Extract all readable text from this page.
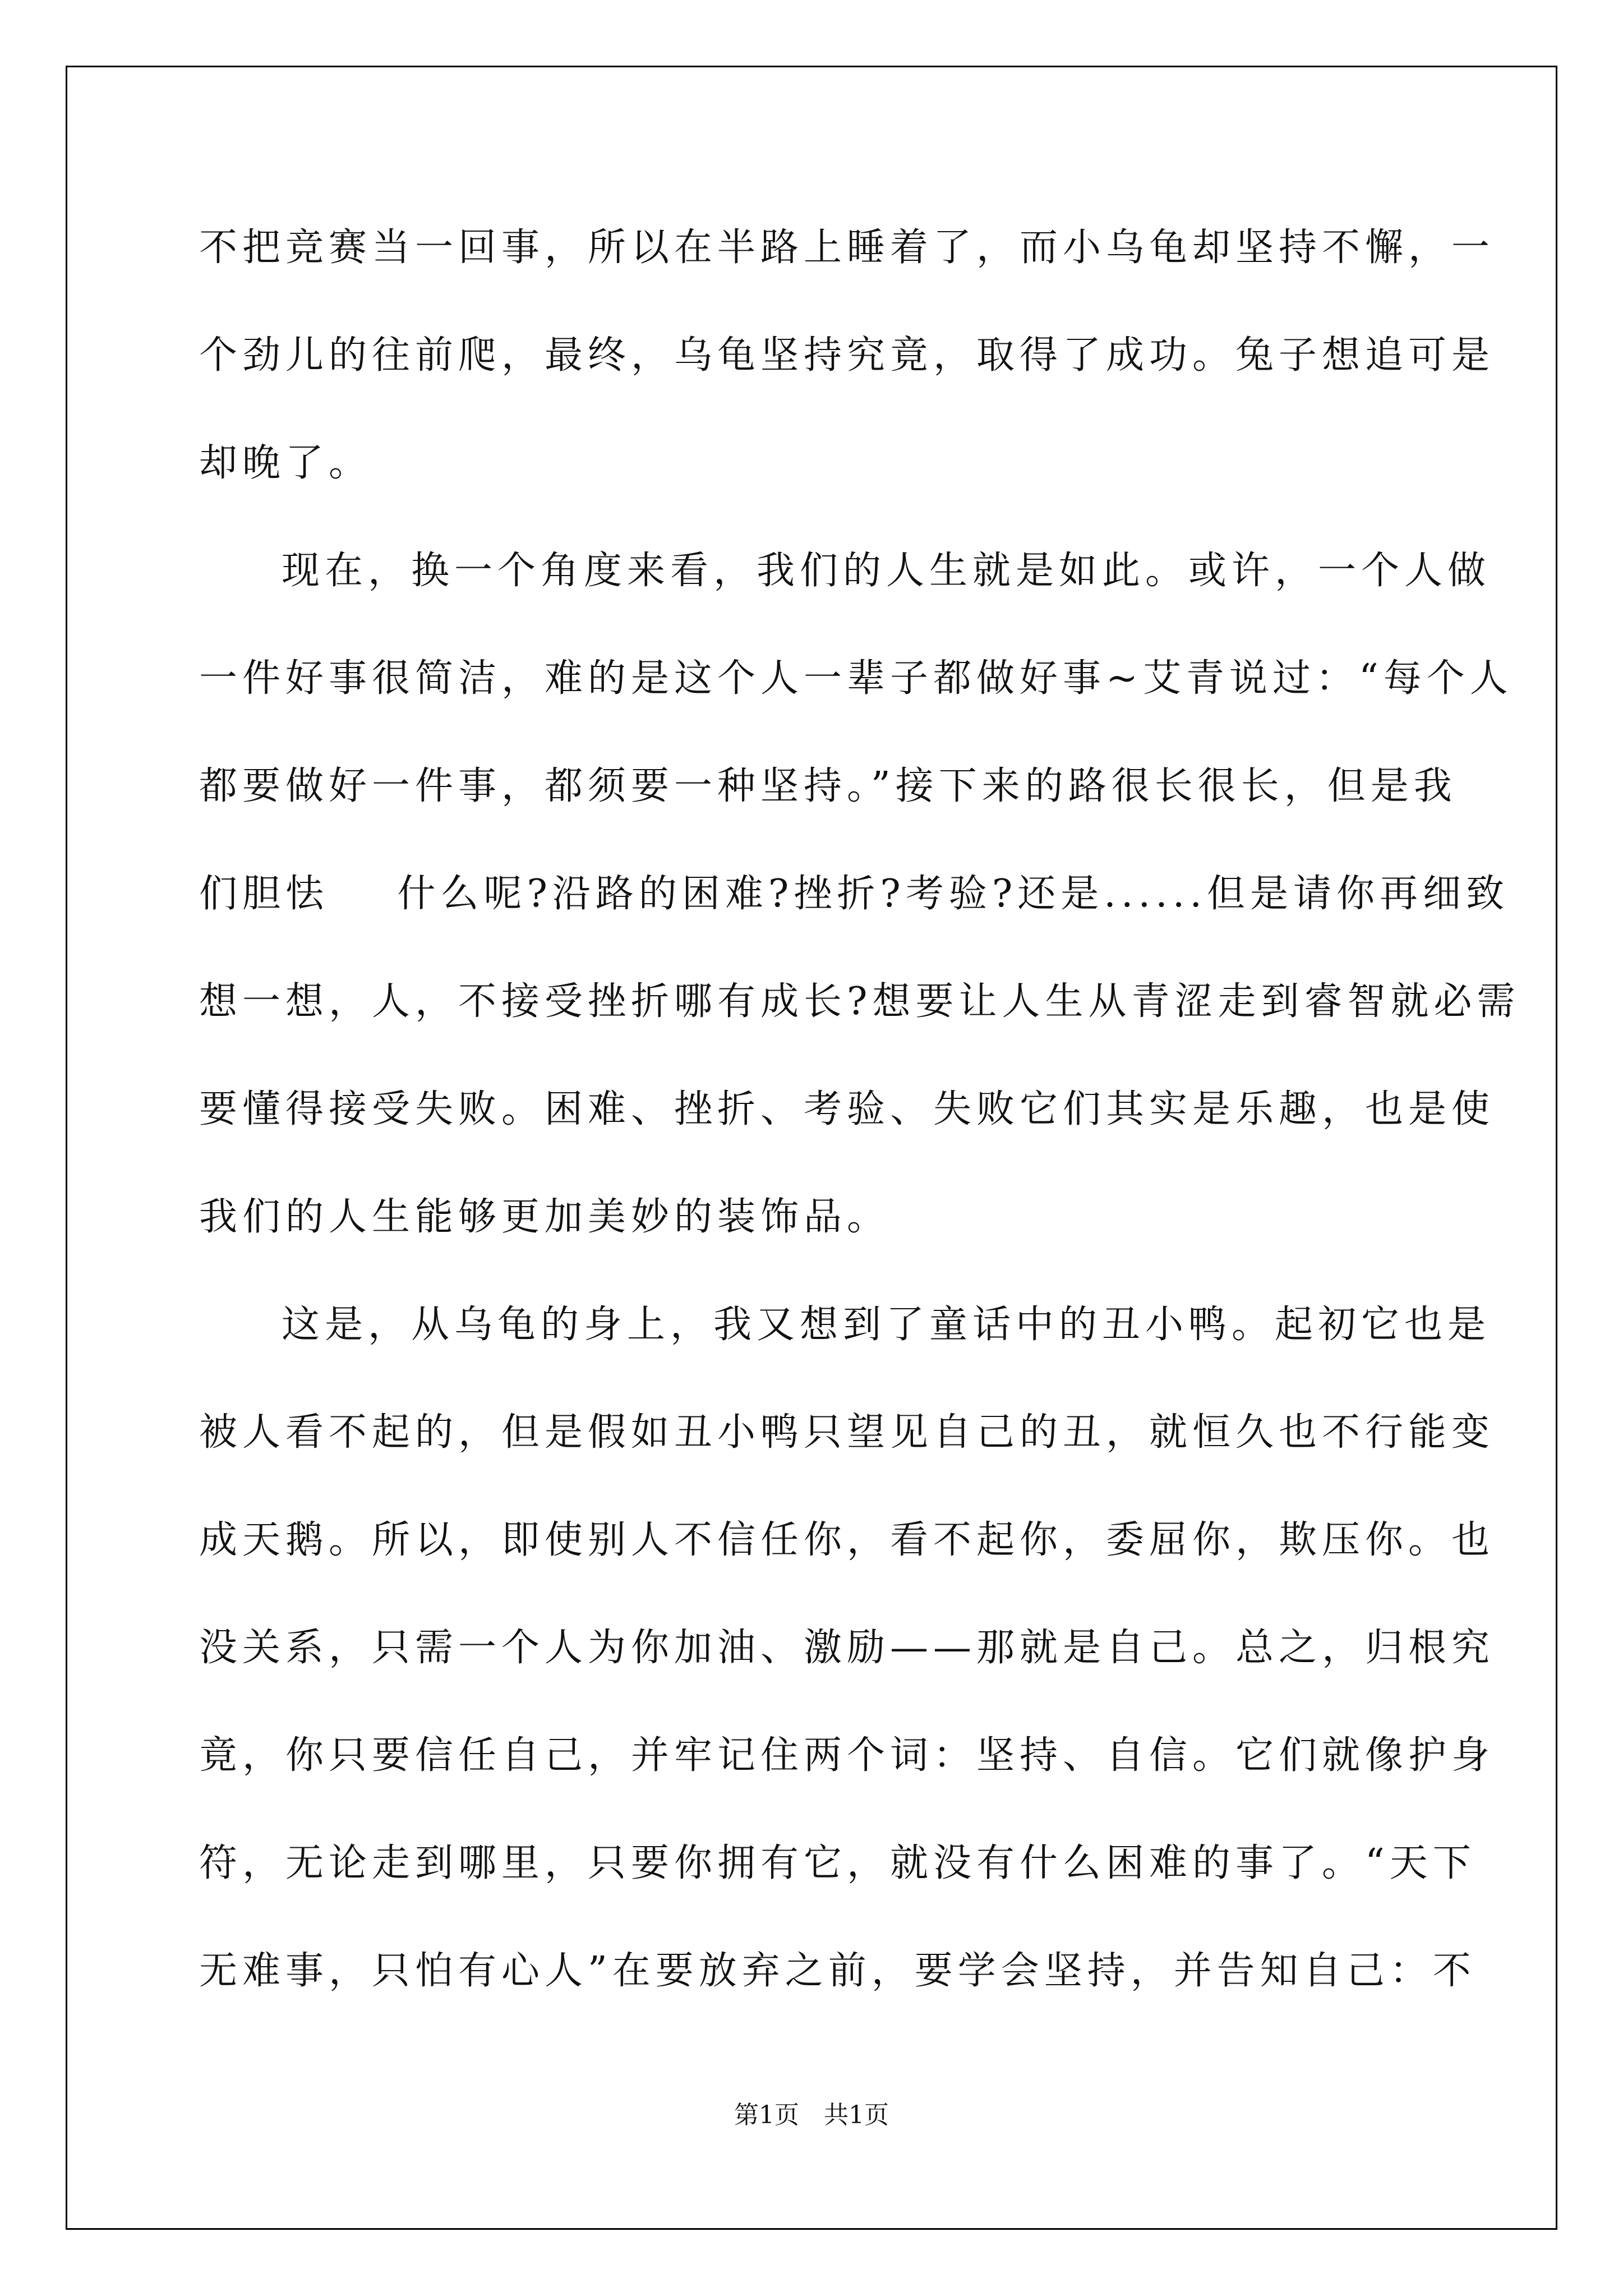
不把竞赛当一回事，所以在半路上睡着了，而小乌龟却坚持不懈，一
个劲儿的往前爬，最终，乌龟坚持究竟，取得了成功。兔子想追可是
却晚了。
现在，换一个角度来看，我们的人生就是如此。或许，一个人做
一件好事很简洁，难的是这个人一辈子都做好事~艾青说过：“每个人
都要做好一件事，都须要一种坚持。”接下来的路很长很长，但是我
们胆怯    什么呢?沿路的困难?挫折?考验?还是......但是请你再细致
想一想，人，不接受挫折哪有成长?想要让人生从青涩走到睿智就必需
要懂得接受失败。困难、挫折、考验、失败它们其实是乐趣，也是使
我们的人生能够更加美妙的装饰品。
这是，从乌龟的身上，我又想到了童话中的丑小鸭。起初它也是
被人看不起的，但是假如丑小鸭只望见自己的丑，就恒久也不行能变
成天鹅。所以，即使别人不信任你，看不起你，委屈你，欺压你。也
没关系，只需一个人为你加油、激励——那就是自己。总之，归根究
竟，你只要信任自己，并牢记住两个词：坚持、自信。它们就像护身
符，无论走到哪里，只要你拥有它，就没有什么困难的事了。“天下
无难事，只怕有心人”在要放弃之前，要学会坚持，并告知自己：不
第1页　共1页
